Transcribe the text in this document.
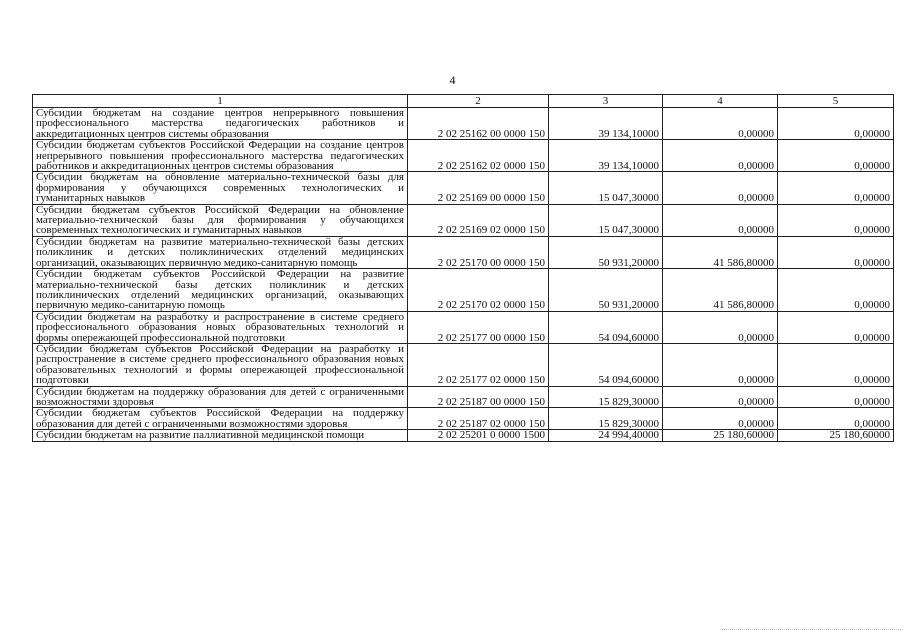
4
1	2	3	4	5
Субсидии бюджетам на создание центров непрерывного повышения профессионального мастерства педагогических работников и аккредитационных центров системы образования	2 02 25162 00 0000 150	39 134,10000	0,00000	0,00000
Субсидии бюджетам субъектов Российской Федерации на создание центров непрерывного повышения профессионального мастерства педагогических работников и аккредитационных центров системы образования	2 02 25162 02 0000 150	39 134,10000	0,00000	0,00000
Субсидии бюджетам на обновление материально-технической базы для формирования у обучающихся современных технологических и гуманитарных навыков	2 02 25169 00 0000 150	15 047,30000	0,00000	0,00000
Субсидии бюджетам субъектов Российской Федерации на обновление материально-технической базы для формирования у обучающихся современных технологических и гуманитарных навыков	2 02 25169 02 0000 150	15 047,30000	0,00000	0,00000
Субсидии бюджетам на развитие материально-технической базы детских поликлиник и детских поликлинических отделений медицинских организаций, оказывающих первичную медико-санитарную помощь	2 02 25170 00 0000 150	50 931,20000	41 586,80000	0,00000
Субсидии бюджетам субъектов Российской Федерации на развитие материально-технической базы детских поликлиник и детских поликлинических отделений медицинских организаций, оказывающих первичную медико-санитарную помощь	2 02 25170 02 0000 150	50 931,20000	41 586,80000	0,00000
Субсидии бюджетам на разработку и распространение в системе среднего профессионального образования новых образовательных технологий и формы опережающей профессиональной подготовки	2 02 25177 00 0000 150	54 094,60000	0,00000	0,00000
Субсидии бюджетам субъектов Российской Федерации на разработку и распространение в системе среднего профессионального образования новых образовательных технологий и формы опережающей профессиональной подготовки	2 02 25177 02 0000 150	54 094,60000	0,00000	0,00000
Субсидии бюджетам на поддержку образования для детей с ограниченными возможностями здоровья	2 02 25187 00 0000 150	15 829,30000	0,00000	0,00000
Субсидии бюджетам субъектов Российской Федерации на поддержку образования для детей с ограниченными возможностями здоровья	2 02 25187 02 0000 150	15 829,30000	0,00000	0,00000
Субсидии бюджетам на развитие паллиативной медицинской помощи	2 02 25201 0 0000 1500	24 994,40000	25 180,60000	25 180,60000
